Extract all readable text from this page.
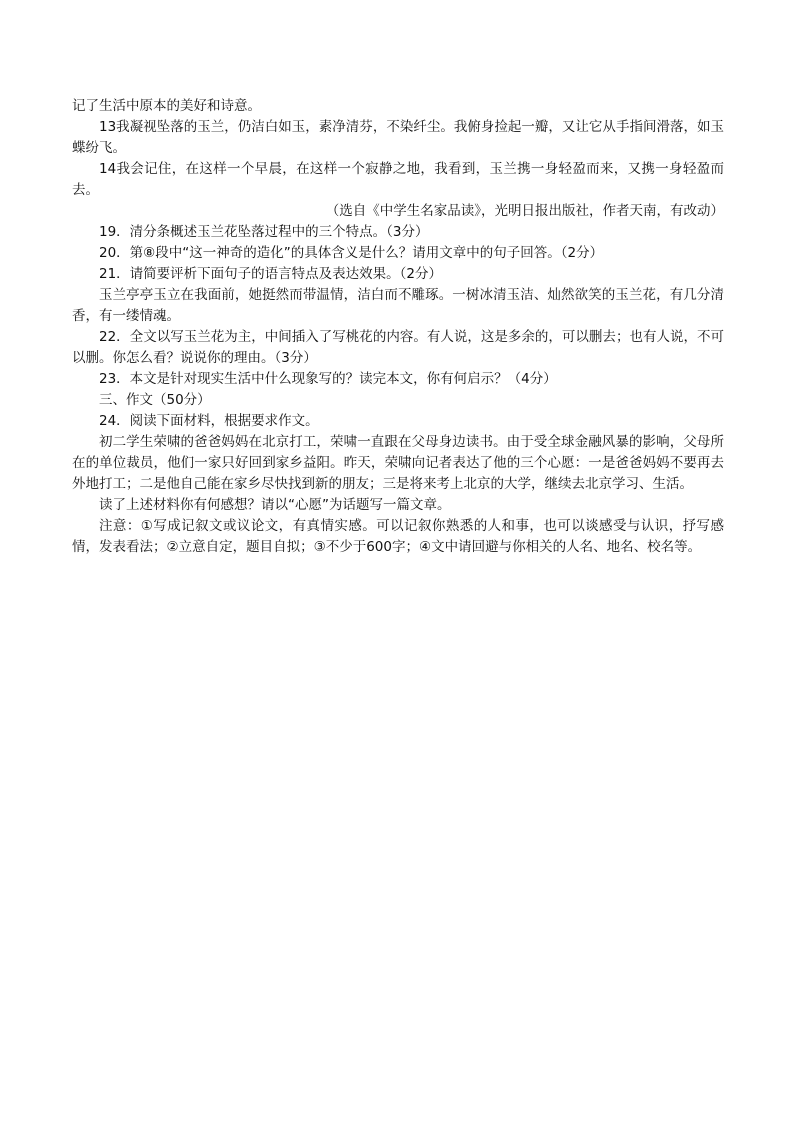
记了生活中原本的美好和诗意。

13我凝视坠落的玉兰，仍洁白如玉，素净清芬，不染纤尘。我俯身捡起一瓣，又让它从手指间滑落，如玉蝶纷飞。

14我会记住，在这样一个早晨，在这样一个寂静之地，我看到，玉兰携一身轻盈而来，又携一身轻盈而去。

（选自《中学生名家品读》，光明日报出版社，作者天南，有改动）

19．清分条概述玉兰花坠落过程中的三个特点。（3分）

20．第⑧段中“这一神奇的造化”的具体含义是什么？请用文章中的句子回答。（2分）

21．请简要评析下面句子的语言特点及表达效果。（2分）

玉兰亭亭玉立在我面前，她挺然而带温情，洁白而不雕琢。一树冰清玉洁、灿然欲笑的玉兰花，有几分清香，有一缕情魂。

22．全文以写玉兰花为主，中间插入了写桃花的内容。有人说，这是多余的，可以删去；也有人说，不可以删。你怎么看？说说你的理由。（3分）

23．本文是针对现实生活中什么现象写的？读完本文，你有何启示？（4分）

三、作文（50分）

24．阅读下面材料，根据要求作文。

初二学生荣啸的爸爸妈妈在北京打工，荣啸一直跟在父母身边读书。由于受全球金融风暴的影响，父母所在的单位裁员，他们一家只好回到家乡益阳。昨天，荣啸向记者表达了他的三个心愿：一是爸爸妈妈不要再去外地打工；二是他自己能在家乡尽快找到新的朋友；三是将来考上北京的大学，继续去北京学习、生活。

读了上述材料你有何感想？请以“心愿”为话题写一篇文章。

注意：①写成记叙文或议论文，有真情实感。可以记叙你熟悉的人和事，也可以谈感受与认识，抒写感情，发表看法；②立意自定，题目自拟；③不少于600字；④文中请回避与你相关的人名、地名、校名等。
